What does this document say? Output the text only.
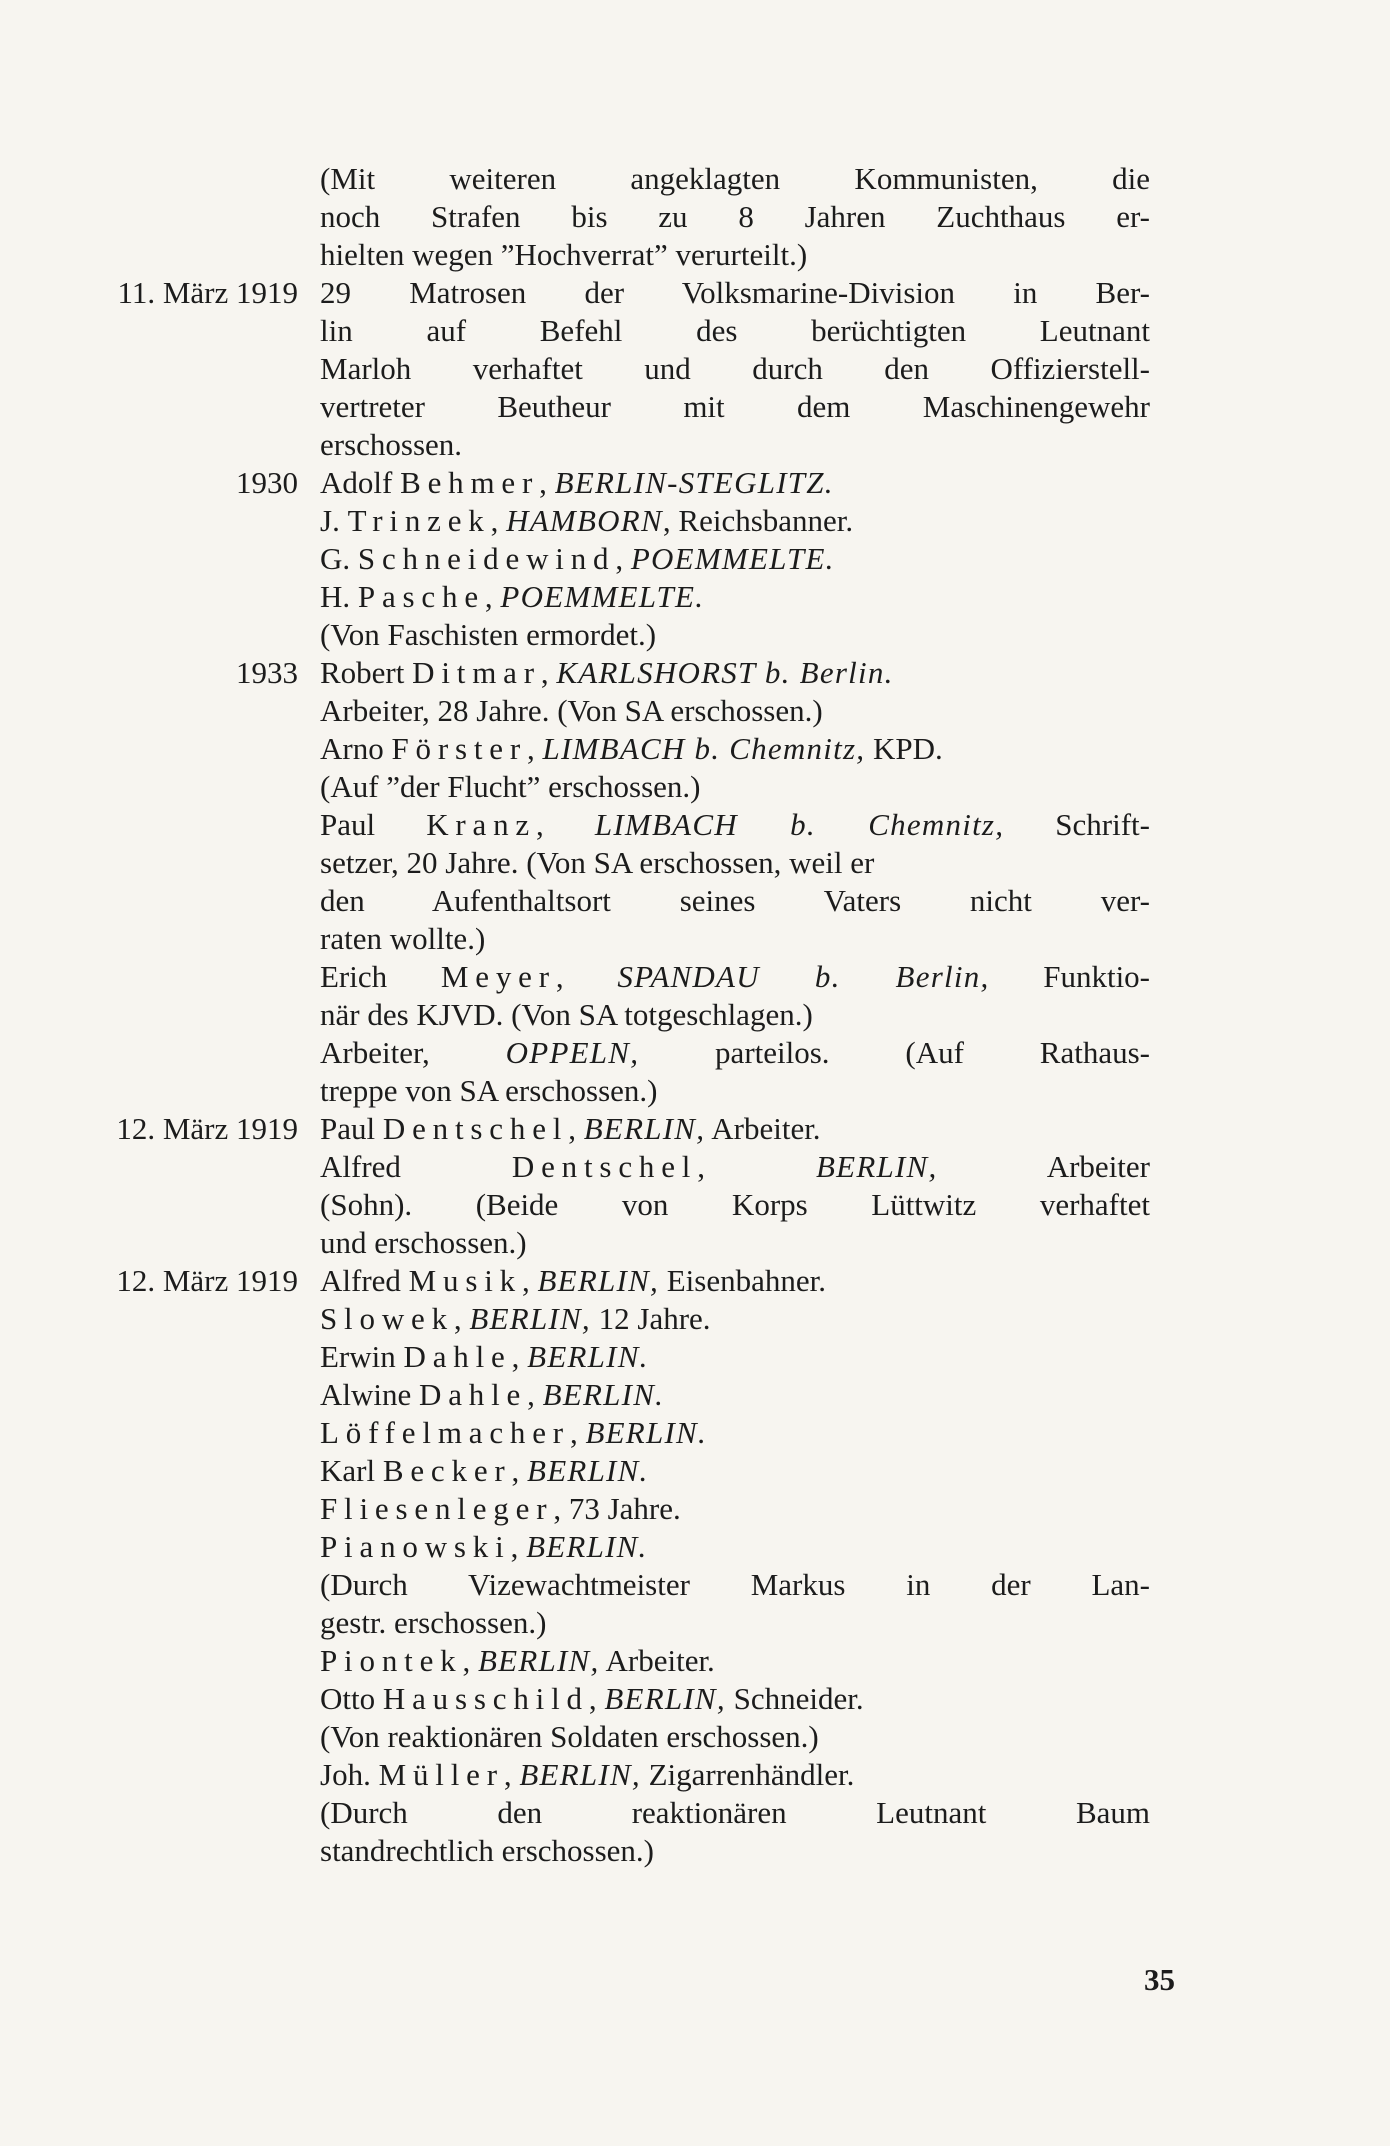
(Mit weiteren angeklagten Kommunisten, die
noch Strafen bis zu 8 Jahren Zuchthaus er-
hielten wegen ”Hochverrat” verurteilt.)
11. März 1919 29 Matrosen der Volksmarine-Division in Ber-
lin auf Befehl des berüchtigten Leutnant
Marloh verhaftet und durch den Offizierstell-
vertreter Beutheur mit dem Maschinengewehr
erschossen.
1930 Adolf Behmer, BERLIN-STEGLITZ.
J. Trinzek, HAMBORN, Reichsbanner.
G. Schneidewind, POEMMELTE.
H. Pasche, POEMMELTE.
(Von Faschisten ermordet.)
1933 Robert Ditmar, KARLSHORST b. Berlin.
Arbeiter, 28 Jahre. (Von SA erschossen.)
Arno Förster, LIMBACH b. Chemnitz, KPD.
(Auf ”der Flucht” erschossen.)
Paul Kranz, LIMBACH b. Chemnitz, Schrift-
setzer, 20 Jahre. (Von SA erschossen, weil er
den Aufenthaltsort seines Vaters nicht ver-
raten wollte.)
Erich Meyer, SPANDAU b. Berlin, Funktio-
när des KJVD. (Von SA totgeschlagen.)
Arbeiter, OPPELN, parteilos. (Auf Rathaus-
treppe von SA erschossen.)
12. März 1919 Paul Dentschel, BERLIN, Arbeiter.
Alfred Dentschel, BERLIN, Arbeiter
(Sohn). (Beide von Korps Lüttwitz verhaftet
und erschossen.)
12. März 1919 Alfred Musik, BERLIN, Eisenbahner.
Slowek, BERLIN, 12 Jahre.
Erwin Dahle, BERLIN.
Alwine Dahle, BERLIN.
Löffelmacher, BERLIN.
Karl Becker, BERLIN.
Fliesenleger, 73 Jahre.
Pianowski, BERLIN.
(Durch Vizewachtmeister Markus in der Lan-
gestr. erschossen.)
Piontek, BERLIN, Arbeiter.
Otto Hausschild, BERLIN, Schneider.
(Von reaktionären Soldaten erschossen.)
Joh. Müller, BERLIN, Zigarrenhändler.
(Durch den reaktionären Leutnant Baum
standrechtlich erschossen.)
35
